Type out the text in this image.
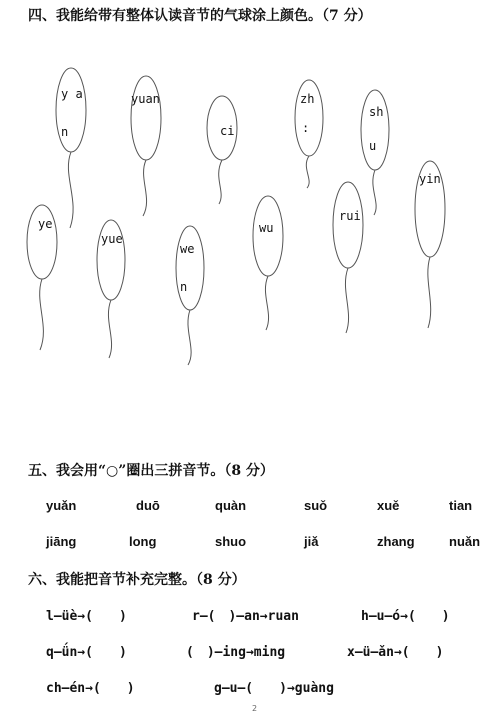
四、我能给带有整体认读音节的气球涂上颜色。（7 分）
y a
n
yuan
ci
zh
:
sh
u
yin
ye
yue
we
n
wu
rui
五、我会用“○”圈出三拼音节。（8 分）
yuǎn	duō	quàn	suǒ	xuě	tian
jiāng	long	shuo	jiǎ	zhang	nuǎn
六、我能把音节补充完整。（8 分）
l—üè→(　　)	r—(　)—an→ruan	h—u—ó→(　　)
q—ǘn→(　　)	(　)—ing→ming	x—ü—ǎn→(　　)
ch—én→(　　)	g—u—(　　)→guàng
2
